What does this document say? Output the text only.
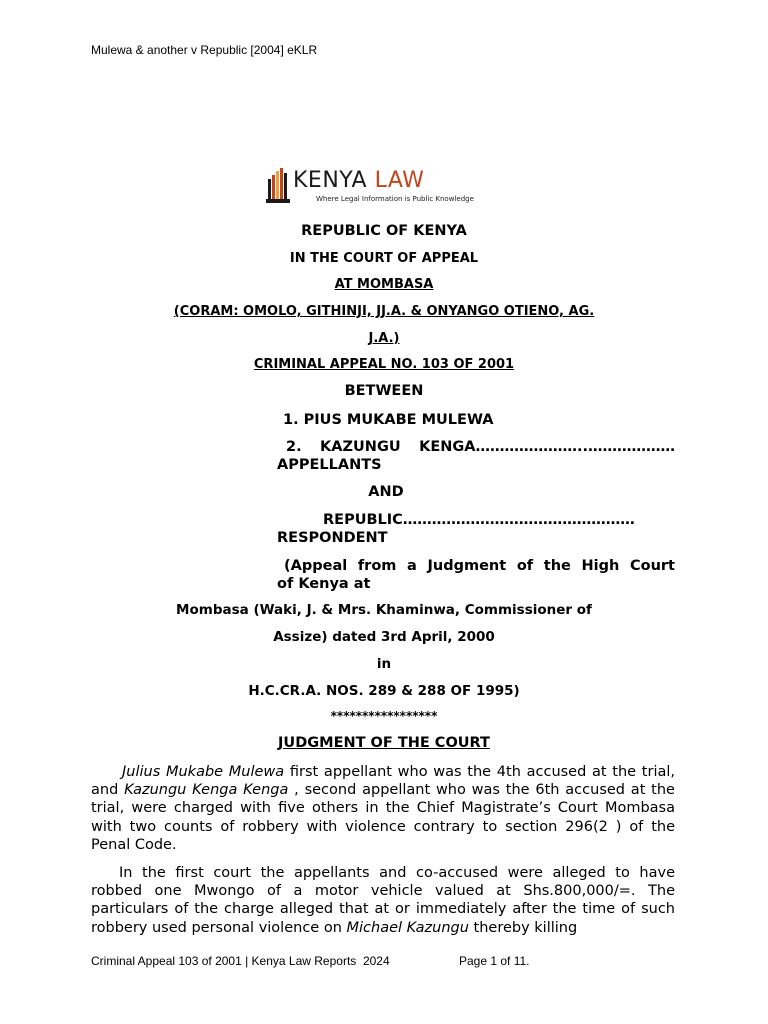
Mulewa & another v Republic [2004] eKLR
KENYA LAW
Where Legal Information is Public Knowledge
REPUBLIC OF KENYA
IN THE COURT OF APPEAL
AT MOMBASA
(CORAM: OMOLO, GITHINJI, JJ.A. & ONYANGO OTIENO, AG.
J.A.)
CRIMINAL APPEAL NO. 103 OF 2001
BETWEEN
1. PIUS MUKABE MULEWA
2. KAZUNGU KENGA…………………..………………
APPELLANTS
AND
REPUBLIC…………………………………………
RESPONDENT
(Appeal from a Judgment of the High Court
of Kenya at
Mombasa (Waki, J. & Mrs. Khaminwa, Commissioner of
Assize) dated 3rd April, 2000
in
H.C.CR.A. NOS. 289 & 288 OF 1995)
*****************
JUDGMENT OF THE COURT
Julius Mukabe Mulewa first appellant who was the 4th accused at the trial, and Kazungu Kenga Kenga , second appellant who was the 6th accused at the trial, were charged with five others in the Chief Magistrate’s Court Mombasa with two counts of robbery with violence contrary to section 296(2 ) of the Penal Code.
In the first court the appellants and co-accused were alleged to have robbed one Mwongo of a motor vehicle valued at Shs.800,000/=. The particulars of the charge alleged that at or immediately after the time of such robbery used personal violence on Michael Kazungu thereby killing
Criminal Appeal 103 of 2001 | Kenya Law Reports  2024	Page 1 of 11.
